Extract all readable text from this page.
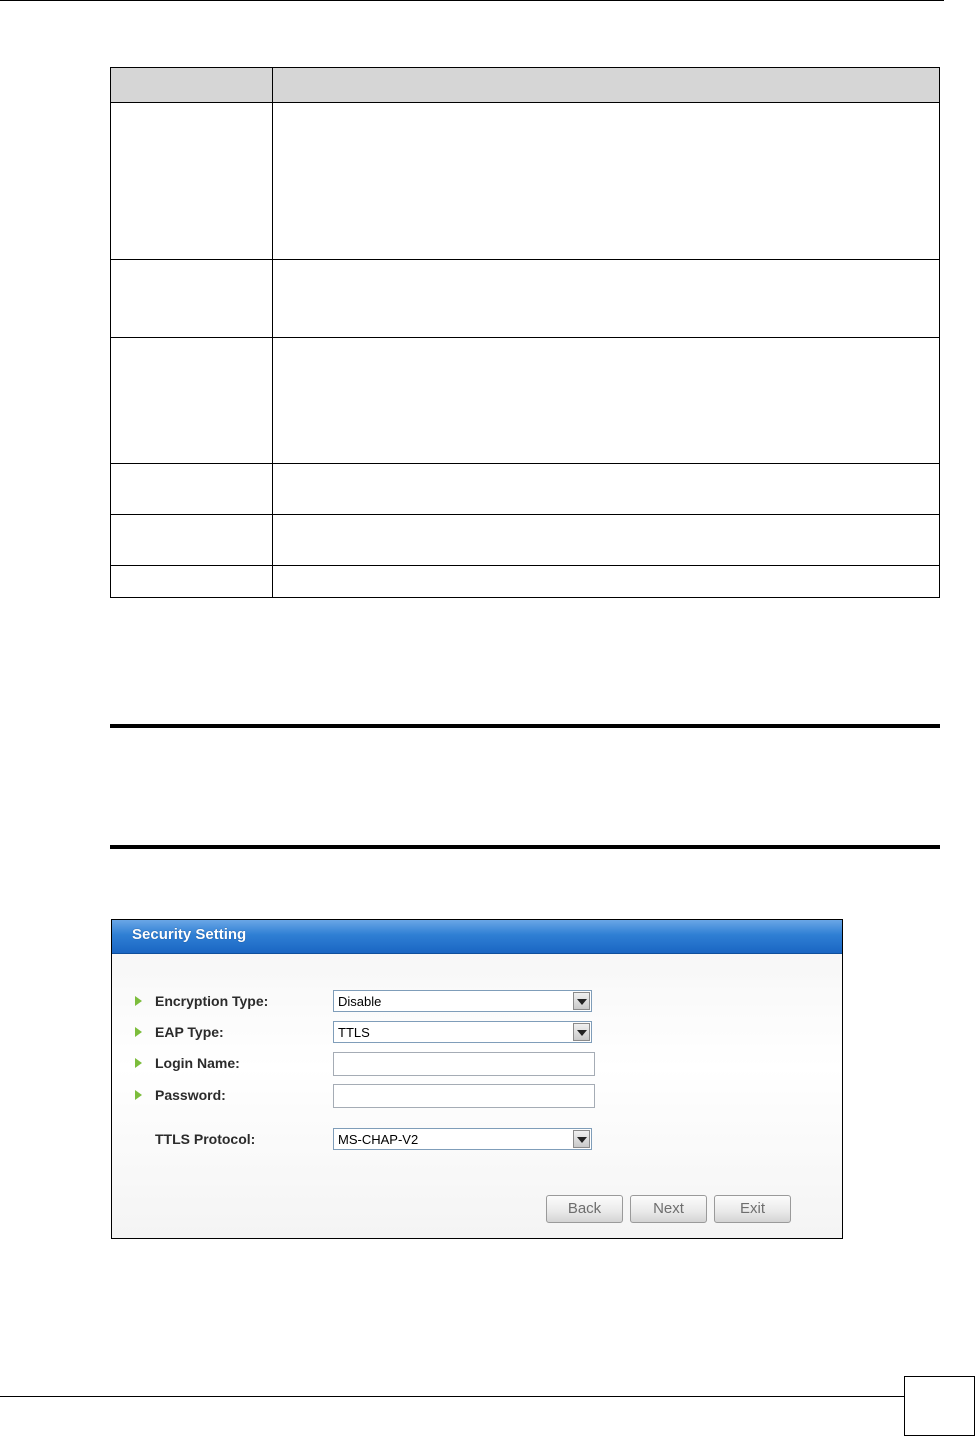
Security Setting
Encryption Type:	Disable
EAP Type:	TTLS
Login Name:
Password:
TTLS Protocol:	MS-CHAP-V2
Back	Next	Exit
